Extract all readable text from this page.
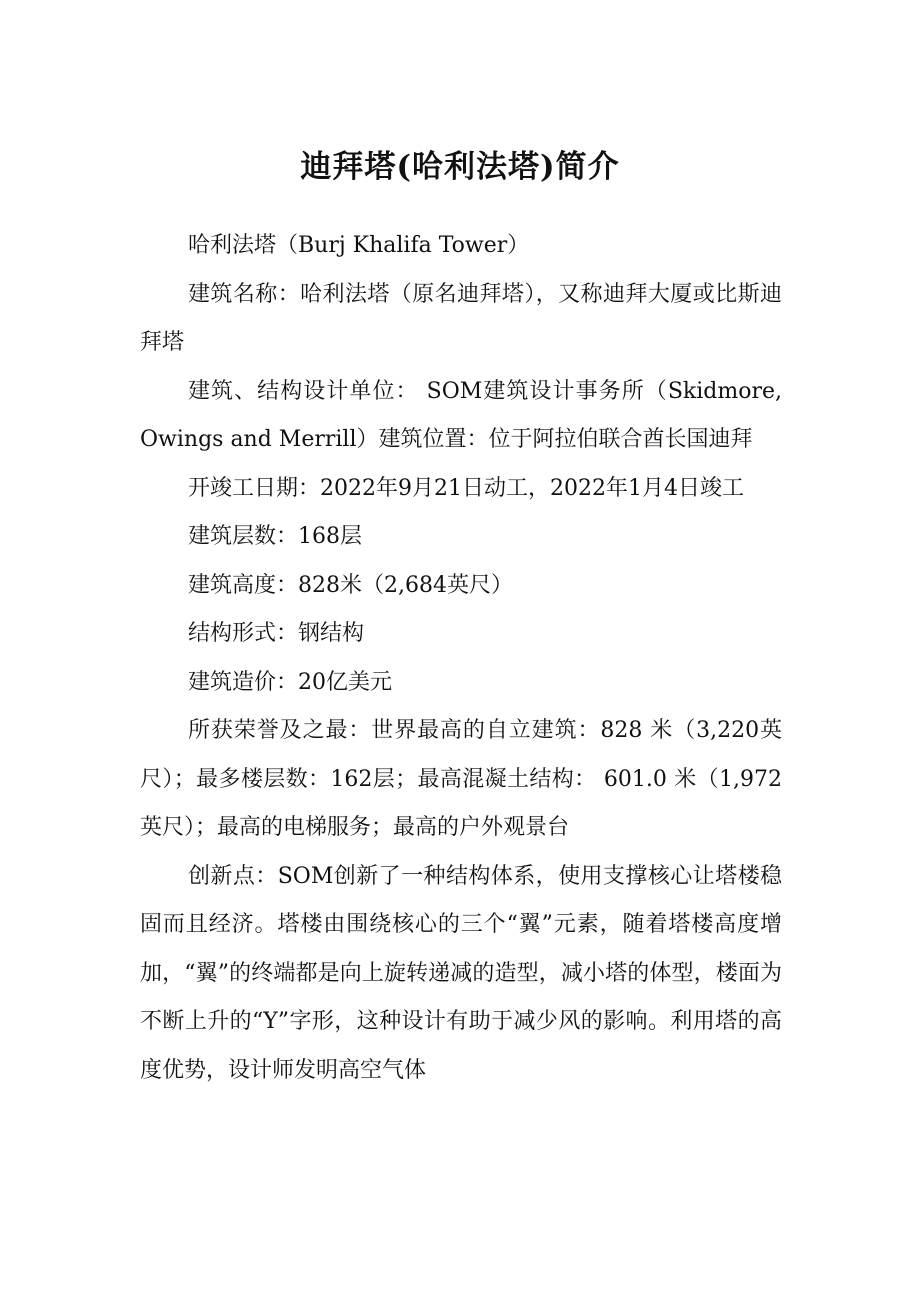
迪拜塔(哈利法塔)简介

哈利法塔（Burj Khalifa Tower）

建筑名称：哈利法塔（原名迪拜塔），又称迪拜大厦或比斯迪拜塔

建筑、结构设计单位： SOM建筑设计事务所（Skidmore, Owings and Merrill）建筑位置：位于阿拉伯联合酋长国迪拜

开竣工日期：2022年9月21日动工，2022年1月4日竣工

建筑层数：168层

建筑高度：828米（2,684英尺）

结构形式：钢结构

建筑造价：20亿美元

所获荣誉及之最：世界最高的自立建筑：828 米（3,220英尺）；最多楼层数：162层；最高混凝土结构： 601.0 米（1,972 英尺）；最高的电梯服务；最高的户外观景台

创新点：SOM创新了一种结构体系，使用支撑核心让塔楼稳固而且经济。塔楼由围绕核心的三个“翼”元素，随着塔楼高度增加，“翼”的终端都是向上旋转递减的造型，减小塔的体型，楼面为不断上升的“Y”字形，这种设计有助于减少风的影响。利用塔的高度优势，设计师发明高空气体
